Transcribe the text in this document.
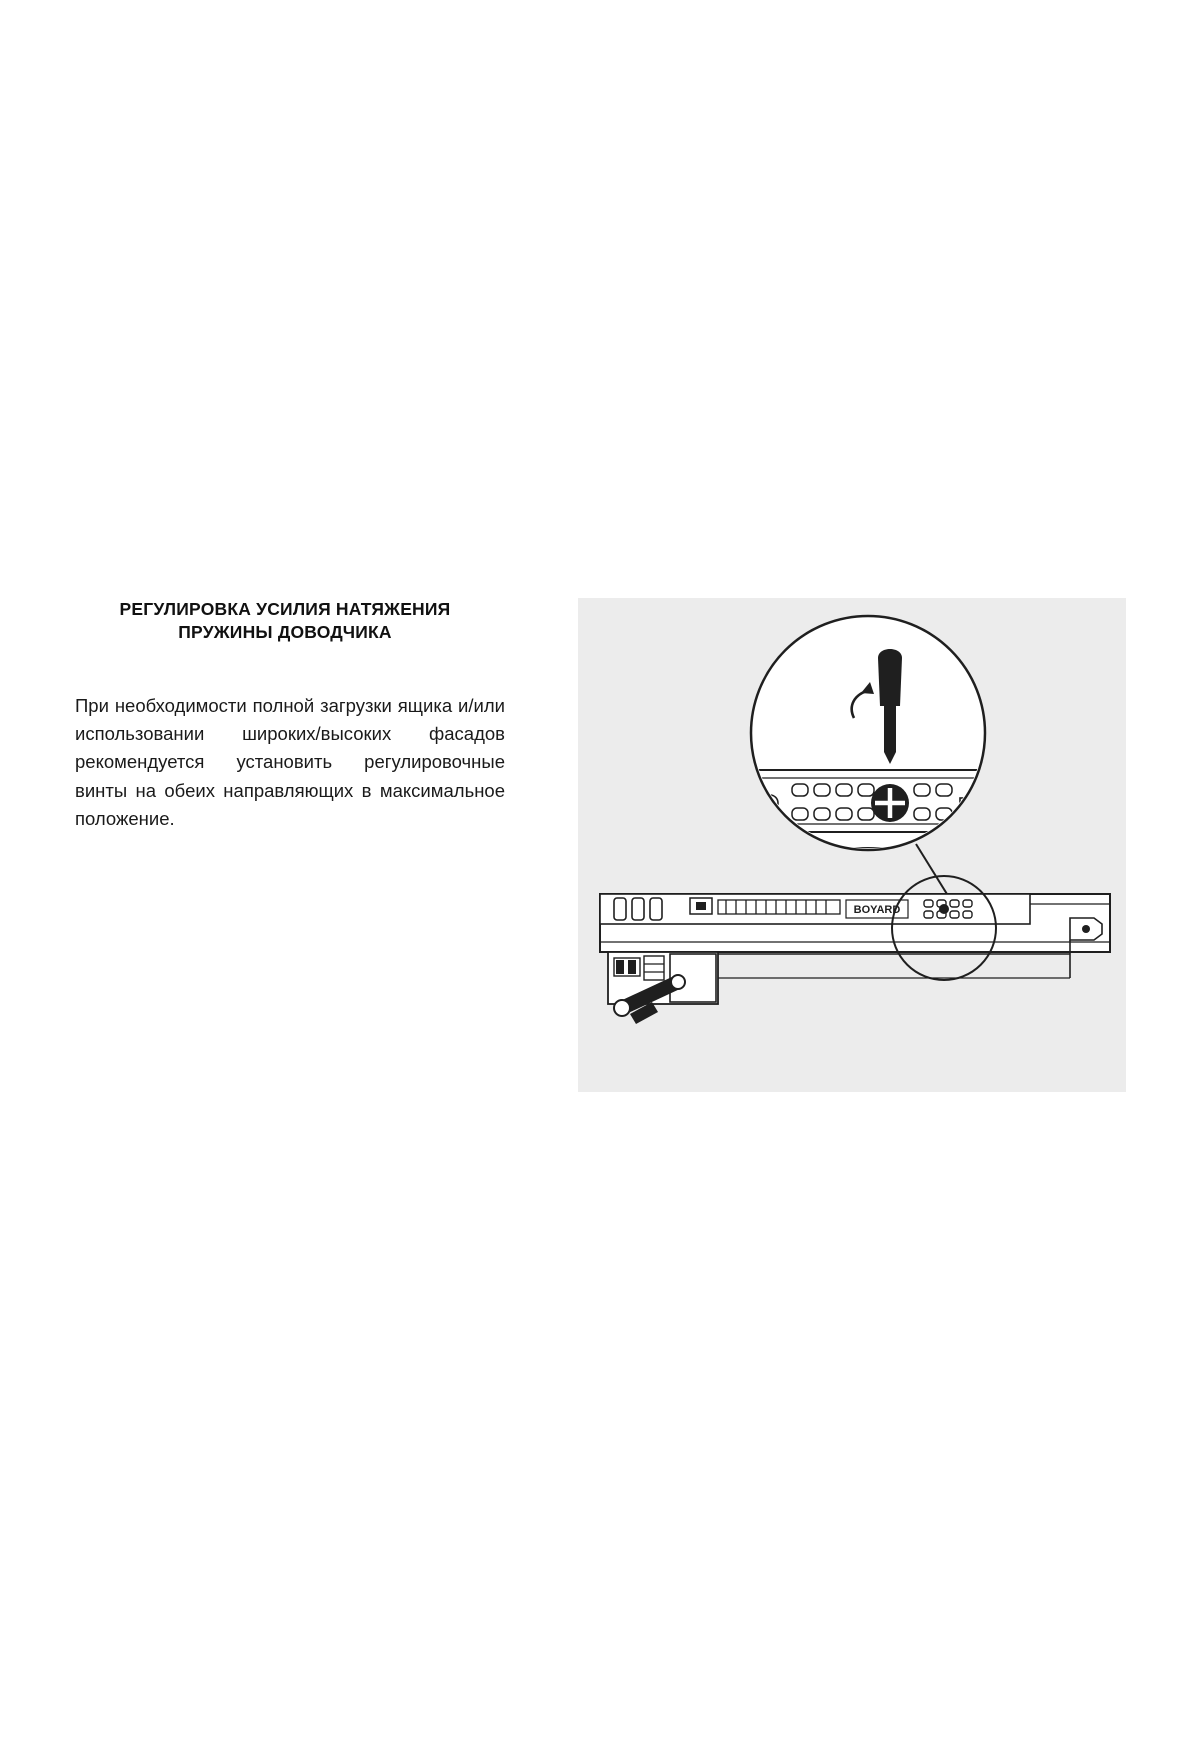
РЕГУЛИРОВКА УСИЛИЯ НАТЯЖЕНИЯ
ПРУЖИНЫ ДОВОДЧИКА

При необходимости полной загрузки ящика и/или использовании широких/высоких фасадов рекомендуется установить регулировочные винты на обеих направляющих в максимальное положение.

BOYARD
